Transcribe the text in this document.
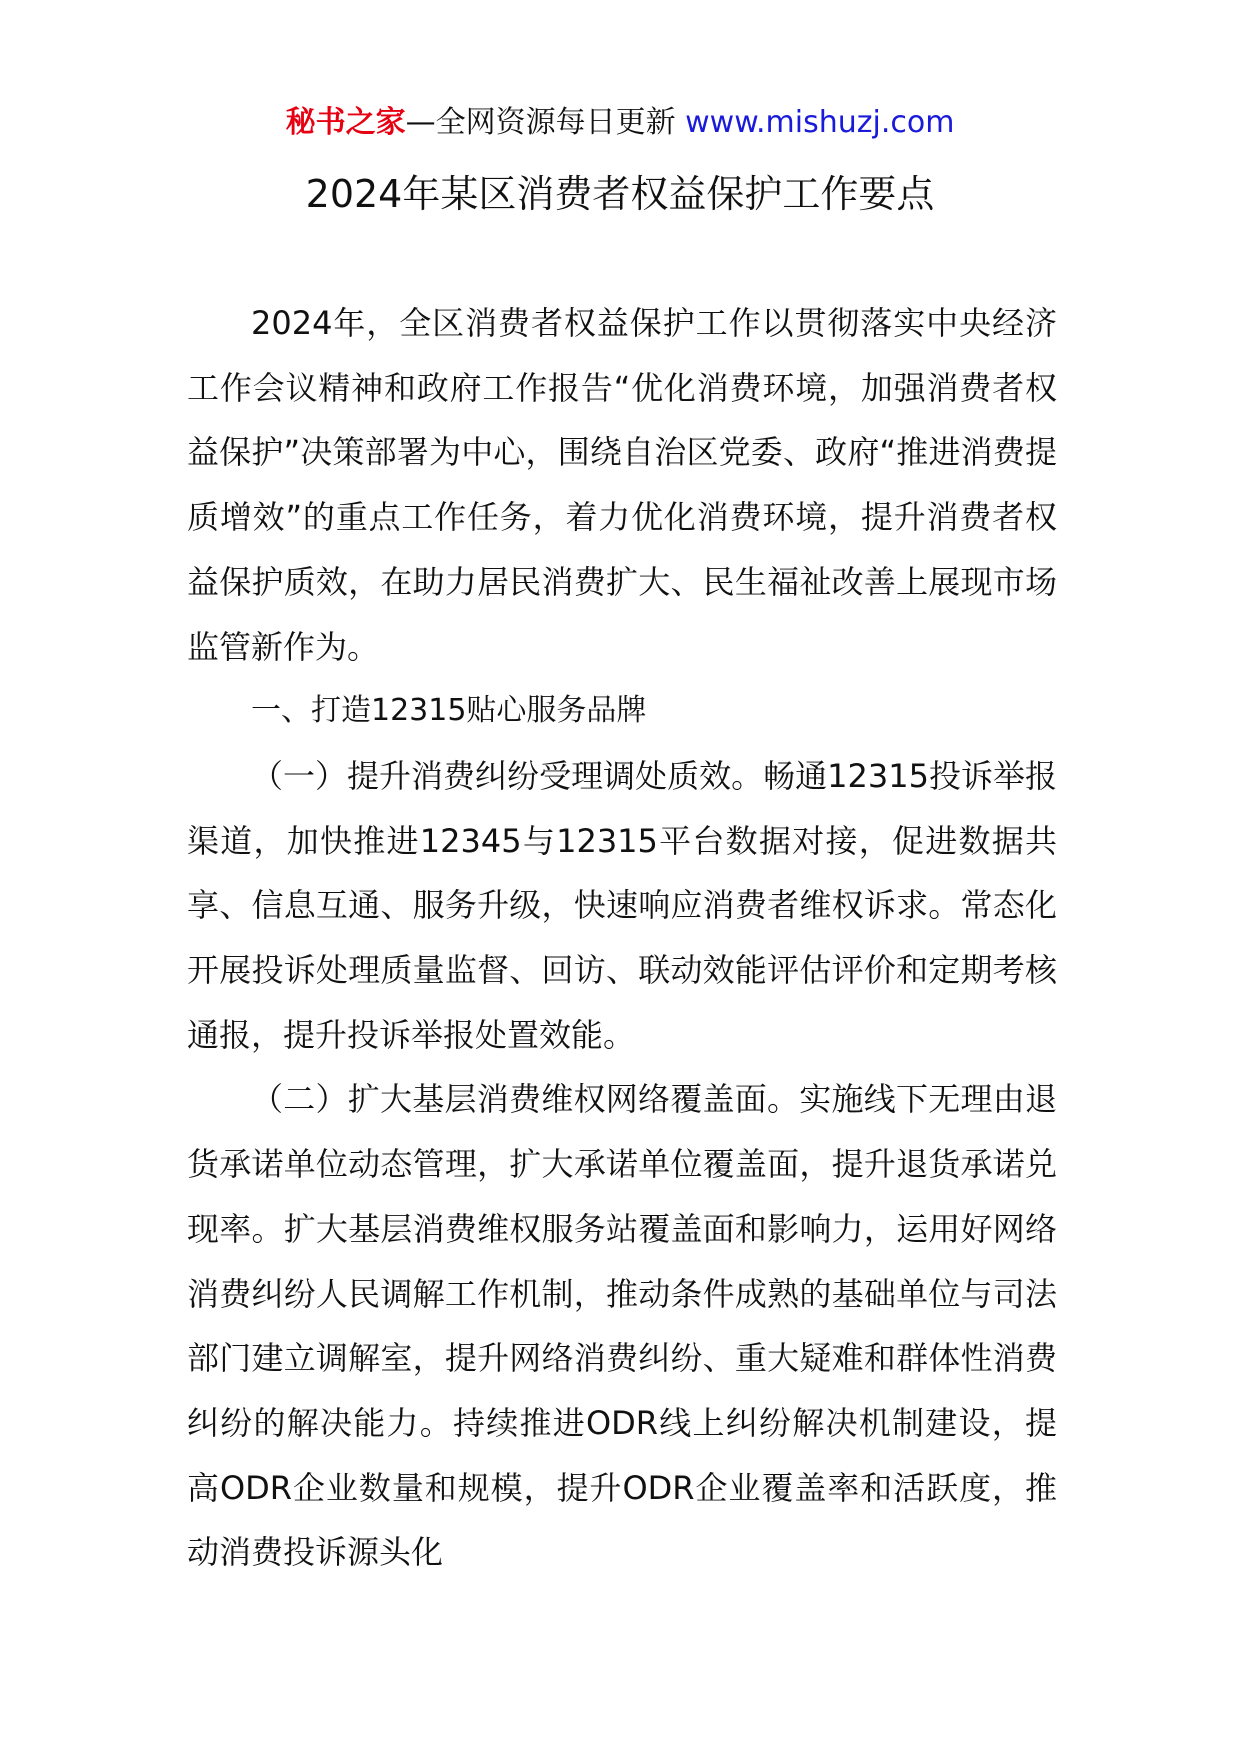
秘书之家—全网资源每日更新 www.mishuzj.com
2024年某区消费者权益保护工作要点

2024年，全区消费者权益保护工作以贯彻落实中央经济工作会议精神和政府工作报告“优化消费环境，加强消费者权益保护”决策部署为中心，围绕自治区党委、政府“推进消费提质增效”的重点工作任务，着力优化消费环境，提升消费者权益保护质效，在助力居民消费扩大、民生福祉改善上展现市场监管新作为。

一、打造12315贴心服务品牌

（一）提升消费纠纷受理调处质效。畅通12315投诉举报渠道，加快推进12345与12315平台数据对接，促进数据共享、信息互通、服务升级，快速响应消费者维权诉求。常态化开展投诉处理质量监督、回访、联动效能评估评价和定期考核通报，提升投诉举报处置效能。

（二）扩大基层消费维权网络覆盖面。实施线下无理由退货承诺单位动态管理，扩大承诺单位覆盖面，提升退货承诺兑现率。扩大基层消费维权服务站覆盖面和影响力，运用好网络消费纠纷人民调解工作机制，推动条件成熟的基础单位与司法部门建立调解室，提升网络消费纠纷、重大疑难和群体性消费纠纷的解决能力。持续推进ODR线上纠纷解决机制建设，提高ODR企业数量和规模，提升ODR企业覆盖率和活跃度，推动消费投诉源头化
